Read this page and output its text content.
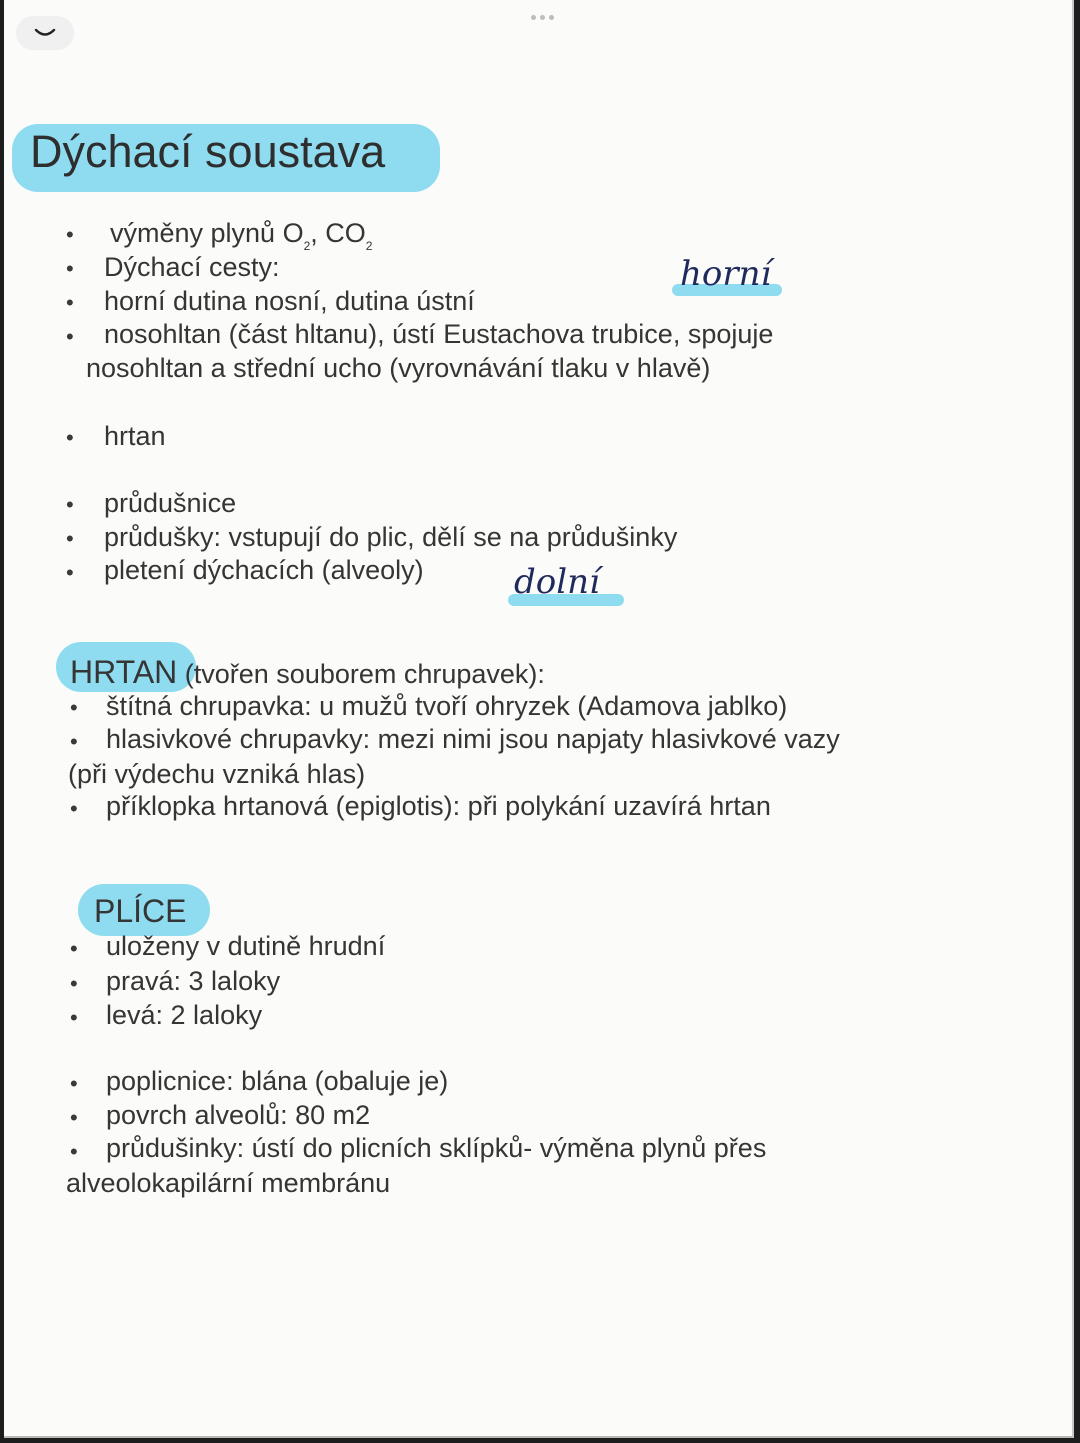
Dýchací soustava
• výměny plynů $O_2$, $CO_2$
• Dýchací cesty:	horní
• horní dutina nosní, dutina ústní
• nosohltan (část hltanu), ústí Eustachova trubice, spojuje
nosohltan a střední ucho (vyrovnávání tlaku v hlavě)
• hrtan
• průdušnice
• průdušky: vstupují do plic, dělí se na průdušinky
• pletení dýchacích (alveoly)	dolní
HRTAN (tvořen souborem chrupavek):
• štítná chrupavka: u mužů tvoří ohryzek (Adamova jablko)
• hlasivkové chrupavky: mezi nimi jsou napjaty hlasivkové vazy
(při výdechu vzniká hlas)
• příklopka hrtanová (epiglotis): při polykání uzavírá hrtan
PLÍCE
• uloženy v dutině hrudní
• pravá: 3 laloky
• levá: 2 laloky
• poplicnice: blána (obaluje je)
• povrch alveolů: 80 m2
• průdušinky: ústí do plicních sklípků- výměna plynů přes
alveolokapilární membránu
